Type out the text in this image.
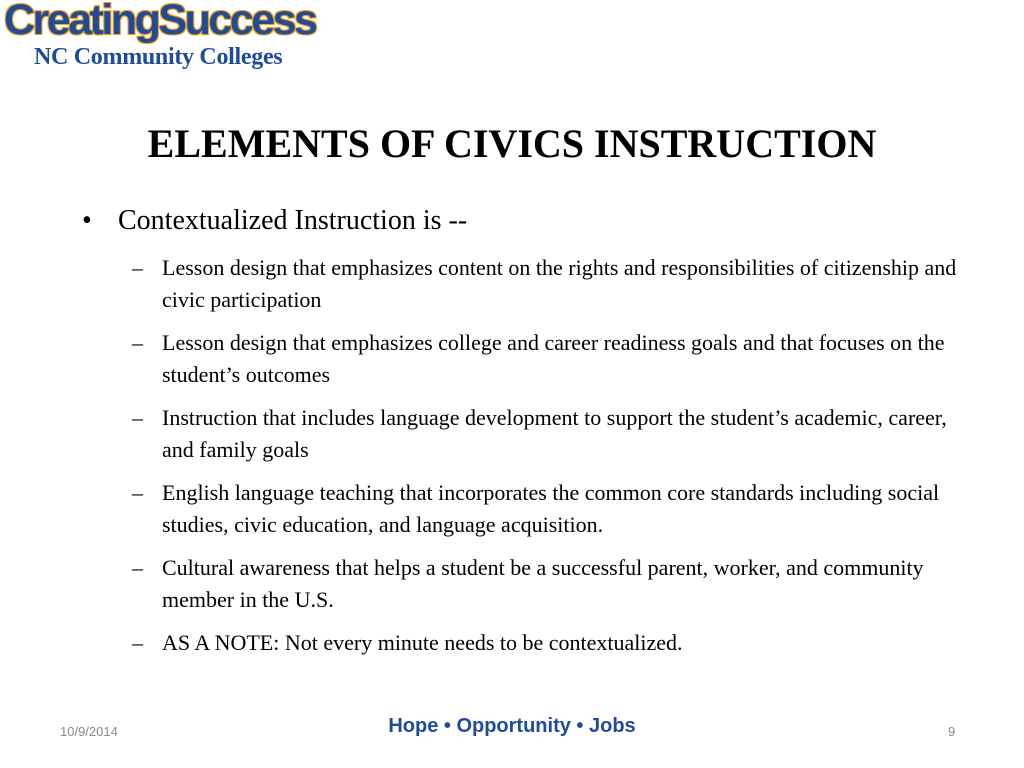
CreatingSuccess
NC Community Colleges
ELEMENTS OF CIVICS INSTRUCTION
• Contextualized Instruction is --
– Lesson design that emphasizes content on the rights and responsibilities of citizenship and civic participation
– Lesson design that emphasizes college and career readiness goals and that focuses on the student’s outcomes
– Instruction that includes language development to support the student’s academic, career, and family goals
– English language teaching that incorporates the common core standards including social studies, civic education, and language acquisition.
– Cultural awareness that helps a student be a successful parent, worker, and community member in the U.S.
– AS A NOTE: Not every minute needs to be contextualized.
10/9/2014	Hope • Opportunity • Jobs	9
